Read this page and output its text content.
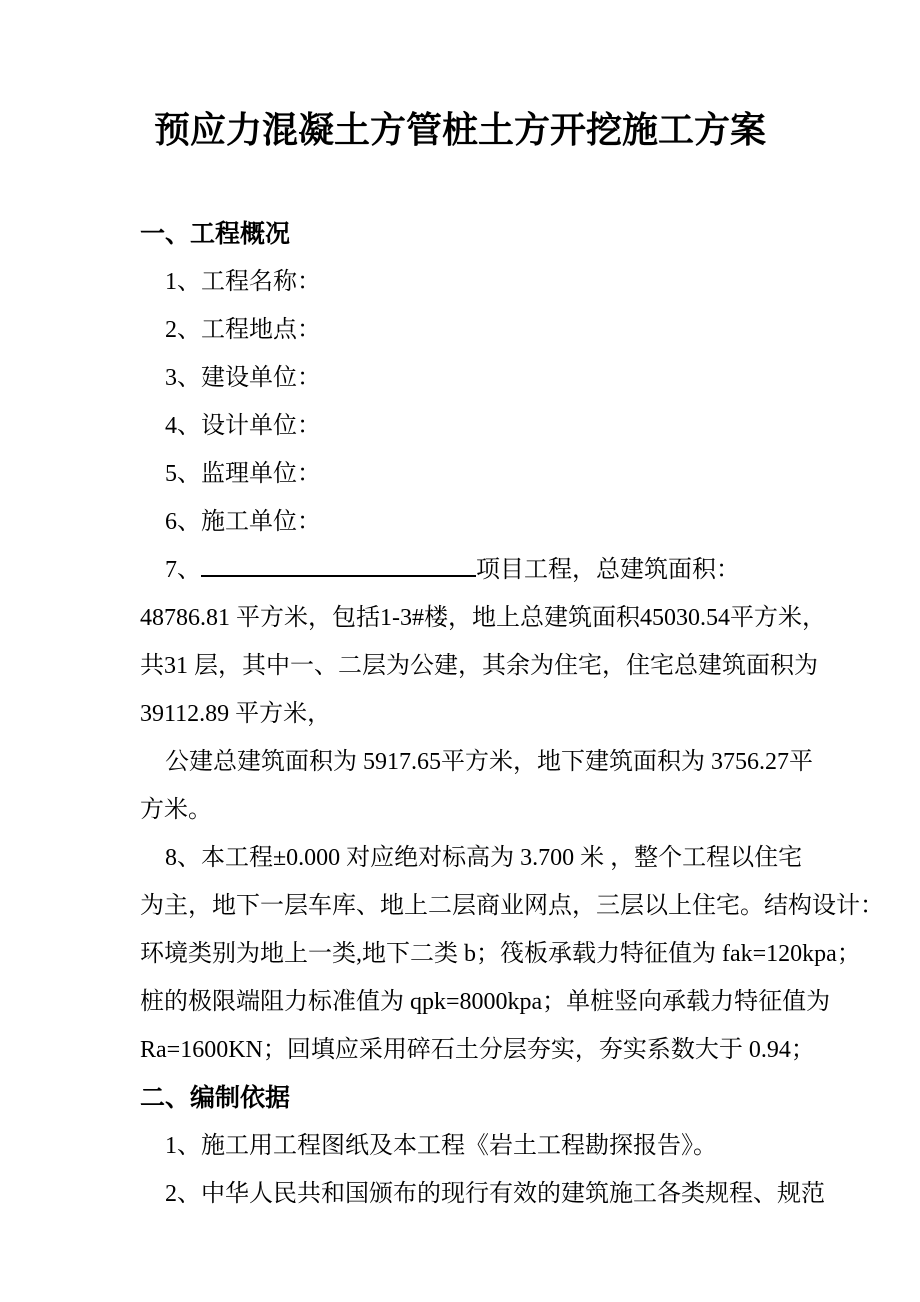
预应力混凝土方管桩土方开挖施工方案
一、工程概况
1、工程名称：
2、工程地点：
3、建设单位：
4、设计单位：
5、监理单位：
6、施工单位：
7、	项目工程，总建筑面积：
48786.81 平方米，包括1-3#楼，地上总建筑面积45030.54平方米，
共31 层，其中一、二层为公建，其余为住宅，住宅总建筑面积为
39112.89 平方米，
公建总建筑面积为 5917.65平方米，地下建筑面积为 3756.27平
方米。
8、本工程±0.000 对应绝对标高为 3.700 米 ，整个工程以住宅
为主，地下一层车库、地上二层商业网点，三层以上住宅。结构设计：
环境类别为地上一类,地下二类 b；筏板承载力特征值为 fak=120kpa；
桩的极限端阻力标准值为 qpk=8000kpa；单桩竖向承载力特征值为
Ra=1600KN；回填应采用碎石土分层夯实，夯实系数大于 0.94；
二、编制依据
1、施工用工程图纸及本工程《岩土工程勘探报告》。
2、中华人民共和国颁布的现行有效的建筑施工各类规程、规范
